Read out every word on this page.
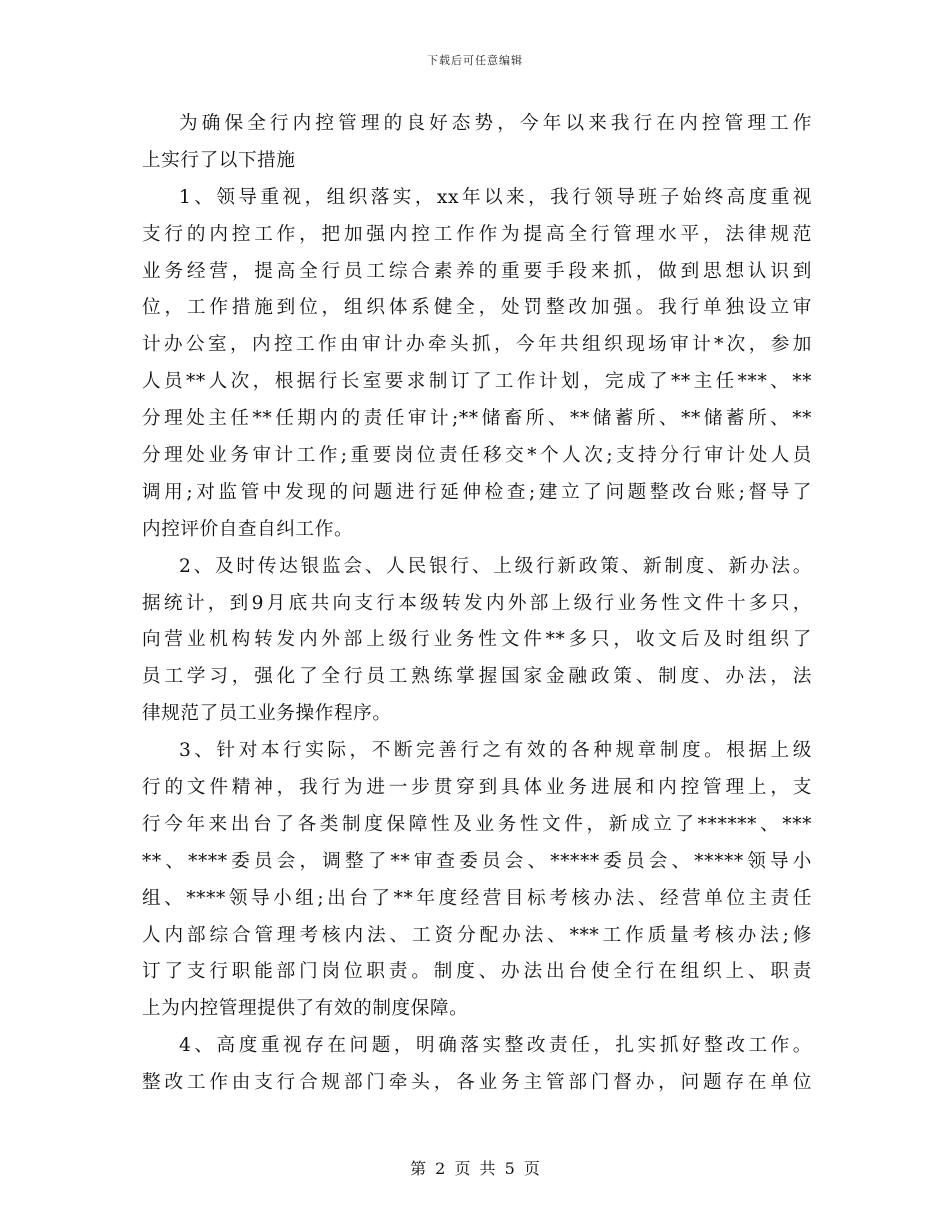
下载后可任意编辑
为确保全行内控管理的良好态势，今年以来我行在内控管理工作
上实行了以下措施
1、领导重视，组织落实，xx年以来，我行领导班子始终高度重视
支行的内控工作，把加强内控工作作为提高全行管理水平，法律规范
业务经营，提高全行员工综合素养的重要手段来抓，做到思想认识到
位，工作措施到位，组织体系健全，处罚整改加强。我行单独设立审
计办公室，内控工作由审计办牵头抓，今年共组织现场审计*次，参加
人员**人次，根据行长室要求制订了工作计划，完成了**主任***、**
分理处主任**任期内的责任审计;**储畜所、**储蓄所、**储蓄所、**
分理处业务审计工作;重要岗位责任移交*个人次;支持分行审计处人员
调用;对监管中发现的问题进行延伸检查;建立了问题整改台账;督导了
内控评价自查自纠工作。
2、及时传达银监会、人民银行、上级行新政策、新制度、新办法。
据统计，到9月底共向支行本级转发内外部上级行业务性文件十多只，
向营业机构转发内外部上级行业务性文件**多只，收文后及时组织了
员工学习，强化了全行员工熟练掌握国家金融政策、制度、办法，法
律规范了员工业务操作程序。
3、针对本行实际，不断完善行之有效的各种规章制度。根据上级
行的文件精神，我行为进一步贯穿到具体业务进展和内控管理上，支
行今年来出台了各类制度保障性及业务性文件，新成立了******、***
**、****委员会，调整了**审查委员会、*****委员会、*****领导小
组、****领导小组;出台了**年度经营目标考核办法、经营单位主责任
人内部综合管理考核内法、工资分配办法、***工作质量考核办法;修
订了支行职能部门岗位职责。制度、办法出台使全行在组织上、职责
上为内控管理提供了有效的制度保障。
4、高度重视存在问题，明确落实整改责任，扎实抓好整改工作。
整改工作由支行合规部门牵头，各业务主管部门督办，问题存在单位
第 2 页 共 5 页
